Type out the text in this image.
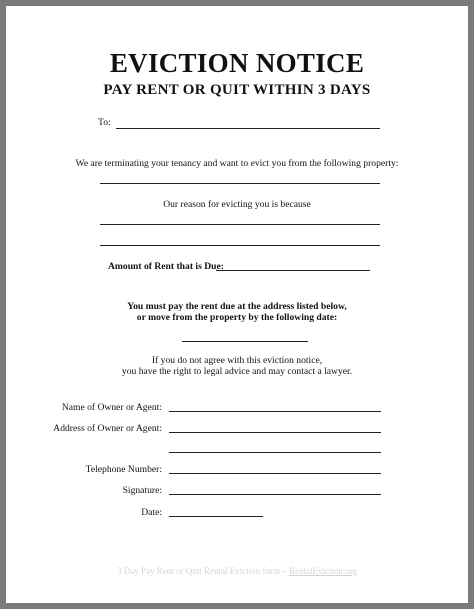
EVICTION NOTICE
PAY RENT OR QUIT WITHIN 3 DAYS
To:
We are terminating your tenancy and want to evict you from the following property:
Our reason for evicting you is because
Amount of Rent that is Due:
You must pay the rent due at the address listed below,
or move from the property by the following date:
If you do not agree with this eviction notice,
you have the right to legal advice and may contact a lawyer.
Name of Owner or Agent:
Address of Owner or Agent:
Telephone Number:
Signature:
Date:
3 Day Pay Rent or Quit Rental Eviction form – RentalEviction.org
